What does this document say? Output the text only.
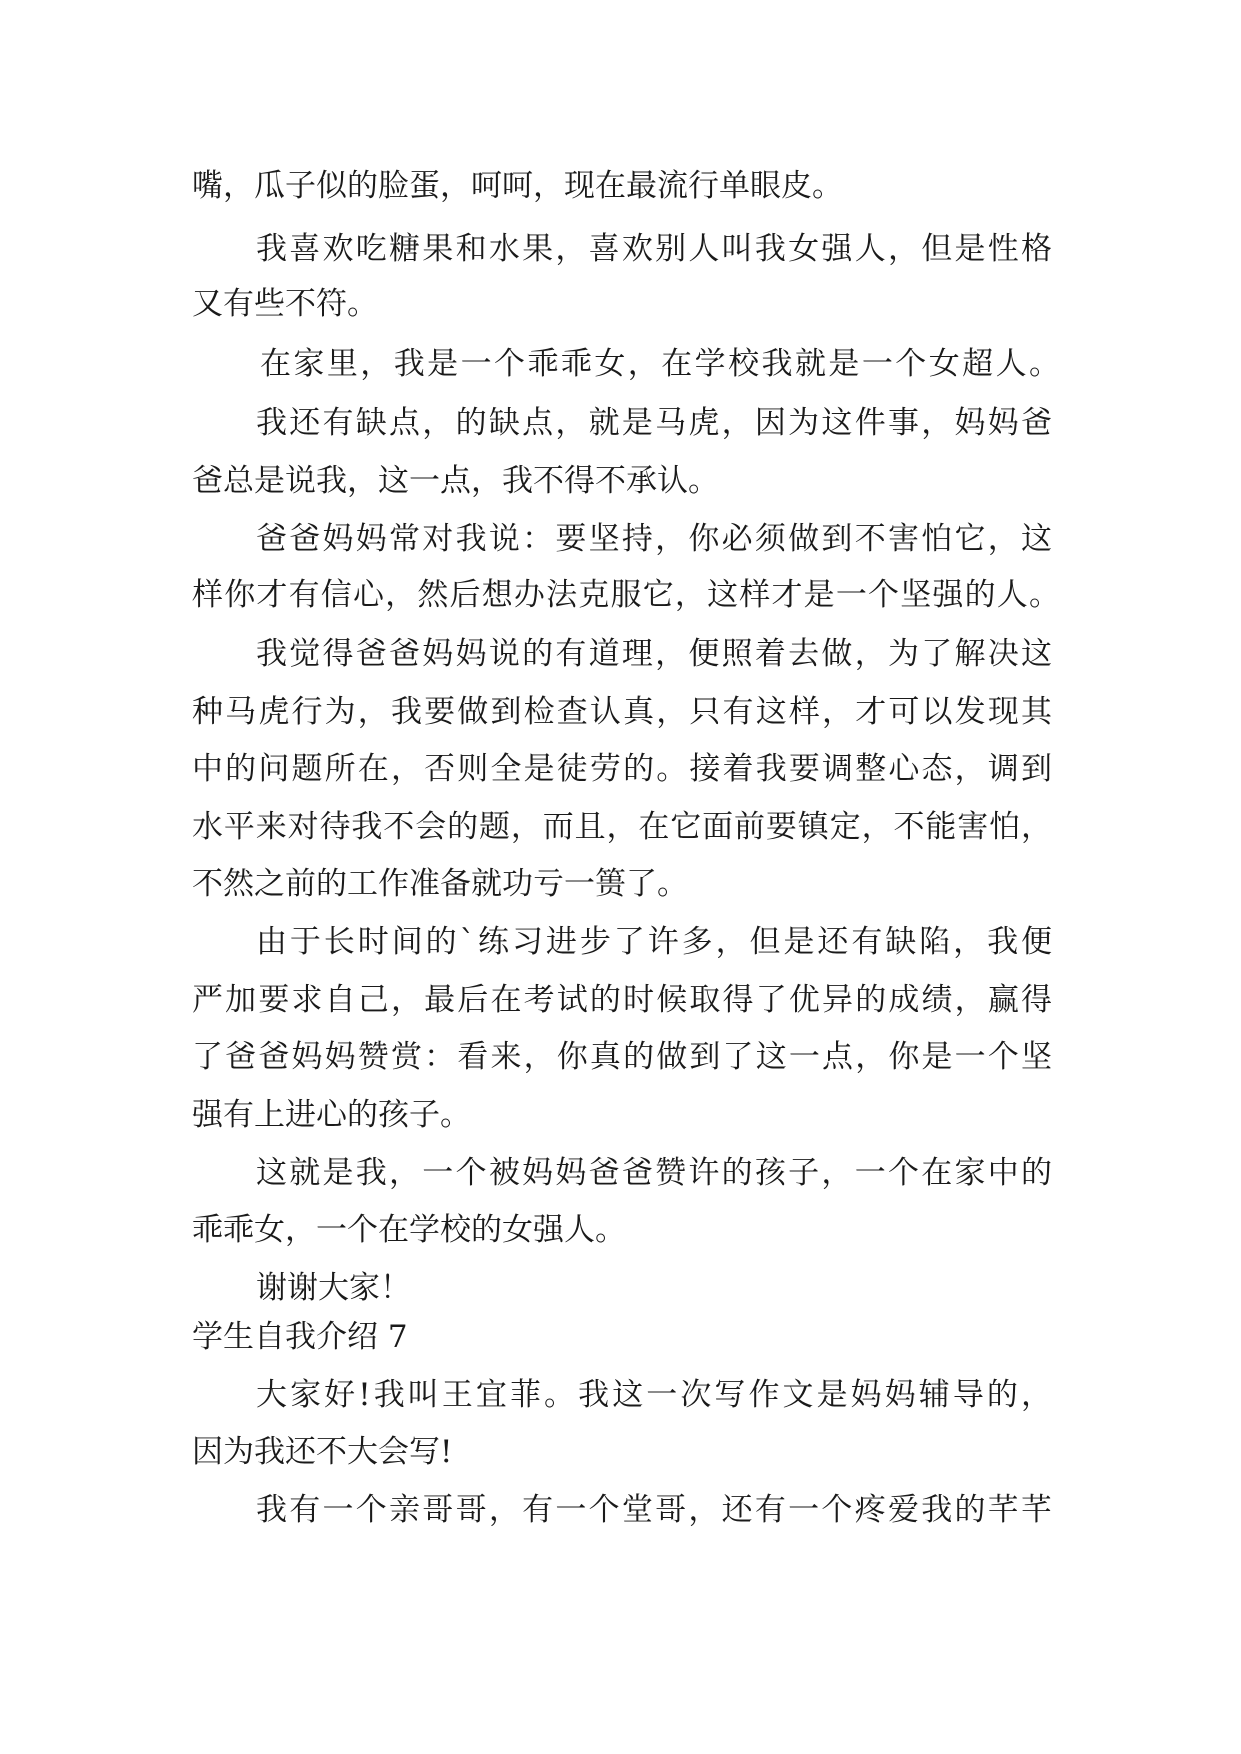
嘴，瓜子似的脸蛋，呵呵，现在最流行单眼皮。
我喜欢吃糖果和水果，喜欢别人叫我女强人，但是性格
又有些不符。
在家里，我是一个乖乖女，在学校我就是一个女超人。
我还有缺点，的缺点，就是马虎，因为这件事，妈妈爸
爸总是说我，这一点，我不得不承认。
爸爸妈妈常对我说：要坚持，你必须做到不害怕它，这
样你才有信心，然后想办法克服它，这样才是一个坚强的人。
我觉得爸爸妈妈说的有道理，便照着去做，为了解决这
种马虎行为，我要做到检查认真，只有这样，才可以发现其
中的问题所在，否则全是徒劳的。接着我要调整心态，调到
水平来对待我不会的题，而且，在它面前要镇定，不能害怕，
不然之前的工作准备就功亏一篑了。
由于长时间的`练习进步了许多，但是还有缺陷，我便
严加要求自己，最后在考试的时候取得了优异的成绩，赢得
了爸爸妈妈赞赏：看来，你真的做到了这一点，你是一个坚
强有上进心的孩子。
这就是我，一个被妈妈爸爸赞许的孩子，一个在家中的
乖乖女，一个在学校的女强人。
谢谢大家！
学生自我介绍 7
大家好!我叫王宜菲。我这一次写作文是妈妈辅导的，
因为我还不大会写!
我有一个亲哥哥，有一个堂哥，还有一个疼爱我的芊芊
